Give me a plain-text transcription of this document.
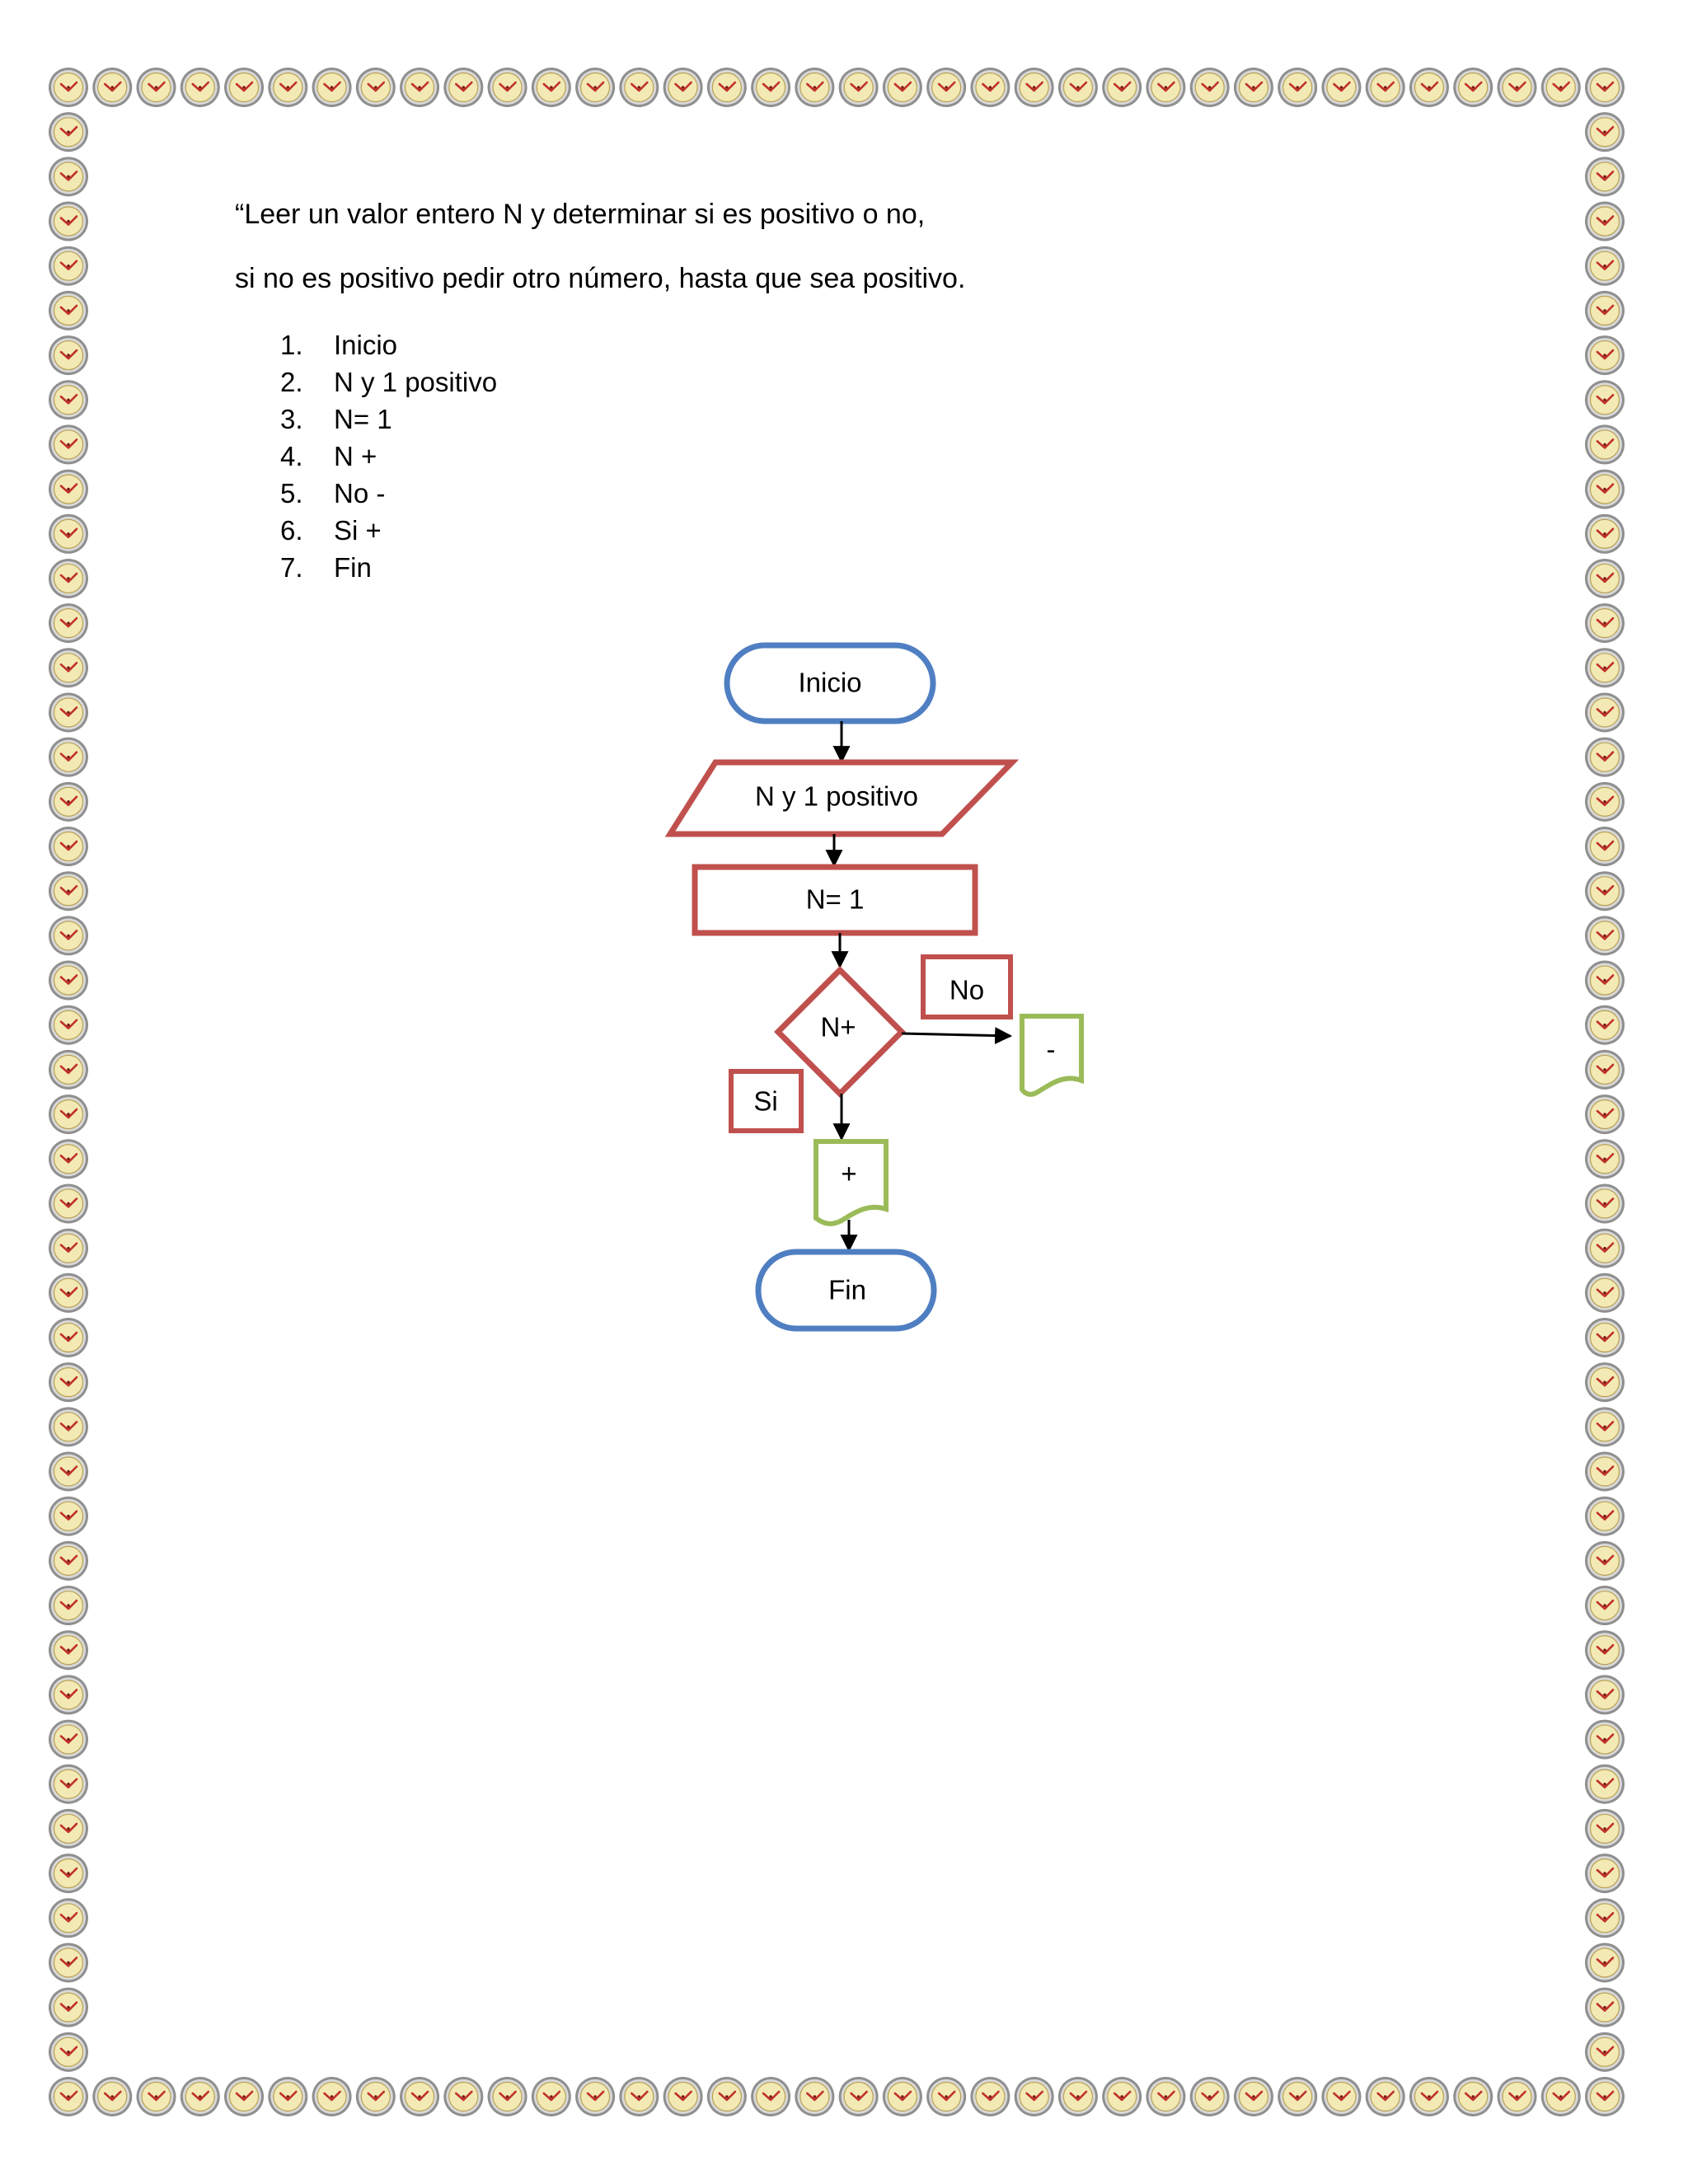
“Leer un valor entero N y determinar si es positivo o no,

si no es positivo pedir otro número, hasta que sea positivo.

1. Inicio
2. N y 1 positivo
3. N= 1
4. N +
5. No -
6. Si +
7. Fin
Inicio
N y 1 positivo
N= 1
N+
No
-
Si
+
Fin
